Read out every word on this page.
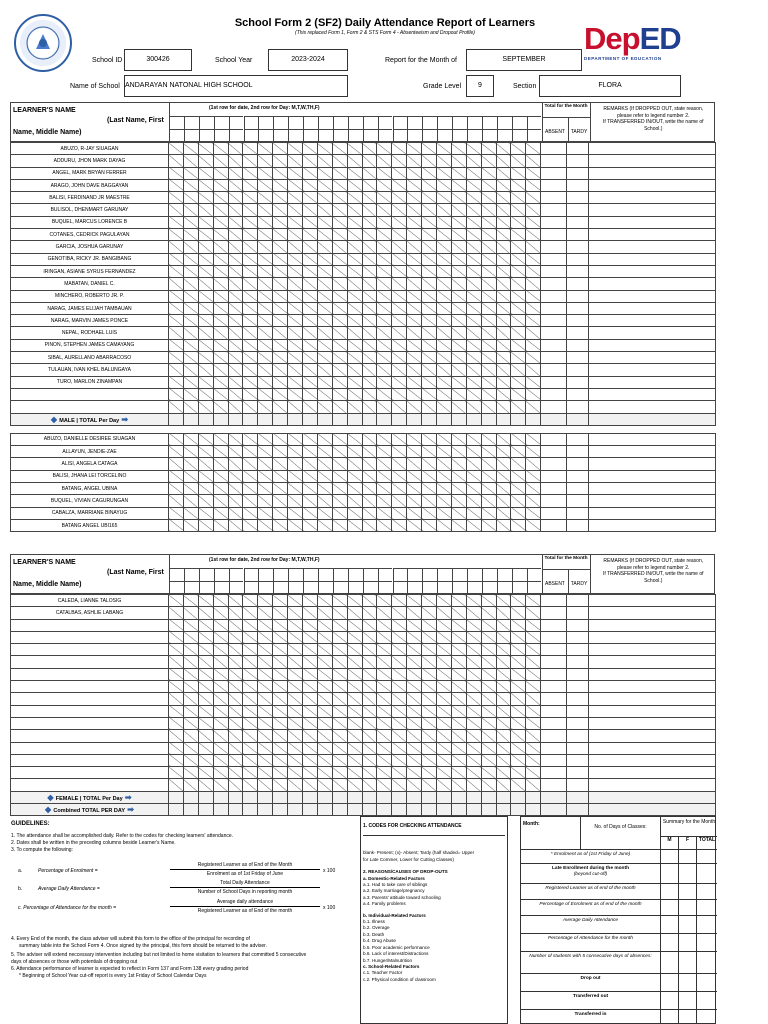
School Form 2 (SF2) Daily Attendance Report of Learners
(This replaced Form 1, Form 2 & STS Form 4 - Absenteeism and Dropout Profile)	DepED
DEPARTMENT OF EDUCATION
School ID	300426	School Year	2023-2024	Report for the Month of	SEPTEMBER
Name of School ANDARAYAN NATONAL HIGH SCHOOL	Grade Level	9	Section	FLORA
LEARNER'S NAME
(Last Name, First
Name, Middle Name)
(1st row for date, 2nd row for Day: M,T,W,TH,F)	Total for the Month
ABSENT	TARDY
REMARKS (If DROPPED OUT, state reason,
please refer to legend number 2.
If TRANSFERRED IN/OUT, write the name of
School.)
ABUZO, R-JAY SIUAGAN																												
ADDURU, JHON MARK DAYAG																												
ANGEL, MARK BRYAN FERRER																												
ARAGO, JOHN DAVE BAGGAYAN																												
BALISI, FERDINAND JR MAESTRE																												
BULISOL, DHENMART GARUNAY																												
BUQUEL, MARCUS LORENCE B																												
COTANES, CEDRICK PAGULAYAN																												
GARCIA, JOSHUA GARUNAY																												
GENOTIBA, RICKY JR. BANGIBANG																												
IRINGAN, ASIANE SYRUS FERNANDEZ																												
MABATAN, DANIEL C.																												
MINCHERO, ROBERTO JR. P.																												
NARAG, JAMES ELIJAH TAMBAUAN																												
NARAG, MARVIN JAMES PONCE																												
NEPAL, RODHAEL LUIS																												
PINON, STEPHEN JAMES CAMAYANG																												
SIBAL, AURELLANO ABARRACOSO																												
TULAUAN, IVAN KHEL BALUNGAYA																												
TURO, MARLON ZINAMPAN																												

◆ MALE | TOTAL Per Day ➡																												

ABUZO, DANIELLE DESIREE SIUAGAN																												
ALLAYUN, JENDIE-ZAE																												
ALISI, ANGELA CATAGA																												
BALISI, JHANA LEI TORCELINO																												
BATANG, ANGEL UBINA																												
BUQUEL, VIVIAN CAGURUNGAN																												
CABALZA, MARRIANE BINAYUG																												
BATANG ANGEL UBI165																												
LEARNER'S NAME
(Last Name, First
Name, Middle Name)
(1st row for date, 2nd row for Day: M,T,W,TH,F)	Total for the Month
ABSENT	TARDY
REMARKS (If DROPPED OUT, state reason,
please refer to legend number 2.
If TRANSFERRED IN/OUT, write the name of
School.)
CALEDA, LIANNE TALOSIG																												
CATALBAS, ASHLIE LABANG																												

◆ FEMALE | TOTAL Per Day ➡																												
◆ Combined TOTAL PER DAY ➡																												
GUIDELINES:
1. The attendance shall be accomplished daily. Refer to the codes for checking learners' attendance.
2. Dates shall be written in the preceding columns beside Learner's Name.
3. To compute the following:
a.	Percentage of Enrolment =
Registered Learner as of End of the Month
Enrolment as of 1st Friday of June	x 100
b.	Average Daily Attendance =
Total Daily Attendance
Number of School Days in reporting month
c. Percentage of Attendance for the month =
Average daily attendance
Registered Learner as of End of the month	x 100
4. Every End of the month, the class adviser will submit this form to the office of the principal for recording of
summary table into the School Form 4. Once signed by the principal, this form should be returned to the adviser.
5. The adviser will extend neccessary intervention including but not limited to home visitation to learners that committed 5 consecutive
days of absences or those with potentials of dropping out
6. Attendance performance of learner is expected to reflect in Form 137 and Form 138 every grading period
* Beginning of School Year cut-off report is every 1st Friday of School Calendar Days
1. CODES FOR CHECKING ATTENDANCE
blank- Present; (x)- Absent; Tardy (half shaded= Upper
for Late Commer, Lower for Cutting Classes)
2. REASONS/CAUSES OF DROP-OUTS
a. Domestic-Related Factors
a.1. Had to take care of siblings
a.2. Early marriage/pregnancy
a.3. Parents' attitude toward schooling
a.4. Family problems
b. Individual-Related Factors
b.1. Illness
b.2. Overage
b.3. Death
b.4. Drug Abuse
b.5. Poor academic performance
b.6. Lack of interest/Distractions
b.7. Hunger/Malnutrition
c. School-Related Factors
c.1. Teacher Factor
c.2. Physical condition of classroom
Month:	No. of Days of Classes:
Summary for the Month
M	F	TOTAL
* Enrolment as of (1st Friday of June)
Late Enrollment during the month
(beyond cut-off)
Registered Learner as of end of the month
Percentage of Enrolment as of end of the month
Average Daily Attendance
Percentage of Attendance for the month
Number of students with 5 consecutive days of absences:
Drop out
Transferred out
Transferred in
